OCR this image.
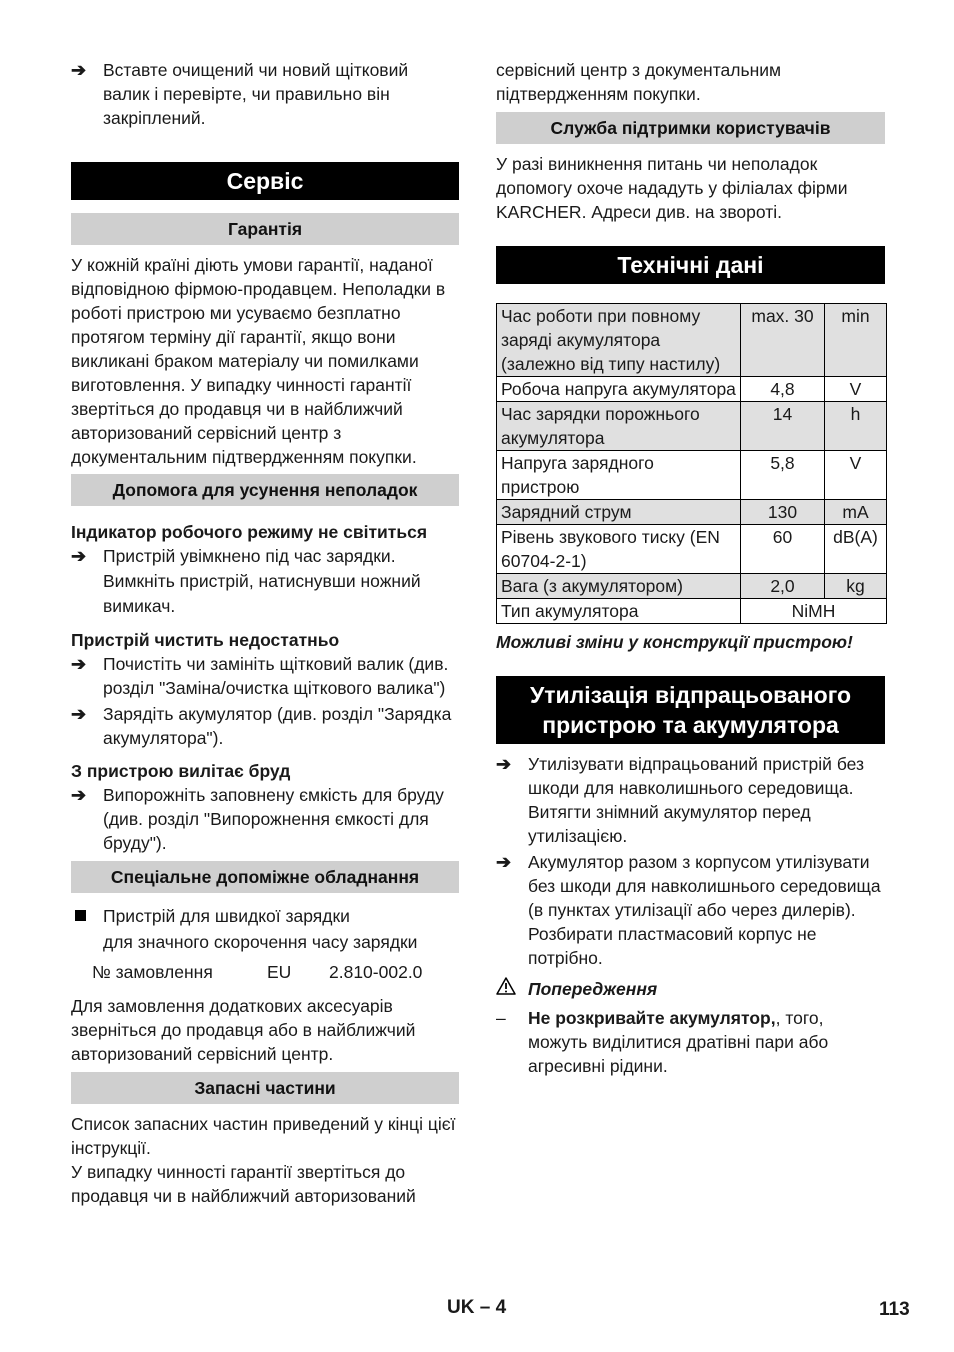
➔ Вставте очищений чи новий щітковий валик і перевірте, чи правильно він закріплений.

Сервіс
Гарантія

У кожній країні діють умови гарантії, наданої відповідною фірмою-продавцем. Неполадки в роботі пристрою ми усуваємо безплатно протягом терміну дії гарантії, якщо вони викликані браком матеріалу чи помилками виготовлення. У випадку чинності гарантії звертіться до продавця чи в найближчий авторизований сервісний центр з документальним підтвердженням покупки.

Допомога для усунення неполадок

Індикатор робочого режиму не світиться

➔ Пристрій увімкнено під час зарядки. Вимкніть пристрій, натиснувши ножний вимикач.

Пристрій чистить недостатньо

➔ Почистіть чи замініть щітковий валик (див. розділ "Заміна/очистка щіткового валика")

➔ Зарядіть акумулятор (див. розділ "Зарядка акумулятора").

З пристрою вилітає бруд

➔ Випорожніть заповнену ємкість для бруду (див. розділ "Випорожнення ємкості для бруду").

Спеціальне допоміжне обладнання

Пристрій для швидкої зарядки

для значного скорочення часу зарядки

№ замовлення	EU 2.810-002.0

Для замовлення додаткових аксесуарів зверніться до продавця або в найближчий авторизований сервісний центр.

Запасні частини

Список запасних частин приведений у кінці цієї інструкції.

У випадку чинності гарантії звертіться до продавця чи в найближчий авторизований

сервісний центр з документальним підтвердженням покупки.

Служба підтримки користувачів

У разі виникнення питань чи неполадок допомогу охоче нададуть у філіалах фірми KARCHER. Адреси див. на звороті.

Технічні дані
Час роботи при повному заряді акумулятора (залежно від типу настилу)	max. 30	min
Робоча напруга акумулятора	4,8	V
Час зарядки порожнього акумулятора	14	h
Напруга зарядного пристрою	5,8	V
Зарядний струм	130	mA
Рівень звукового тиску (EN 60704-2-1)	60	dB(A)
Вага (з акумулятором)	2,0	kg
Тип акумулятора	NiMH	

Можливі зміни у конструкції пристрою!

Утилізація відпрацьованого пристрою та акумулятора
➔ Утилізувати відпрацьований пристрій без шкоди для навколишнього середовища. Витягти знімний акумулятор перед утилізацією.

➔ Акумулятор разом з корпусом утилізувати без шкоди для навколишнього середовища (в пунктах утилізації або через дилерів). Розбирати пластмасовий корпус не потрібно.

Попередження

– Не розкривайте акумулятор,, того, можуть виділитися дратівні пари або агресивні рідини.

UK – 4	113
